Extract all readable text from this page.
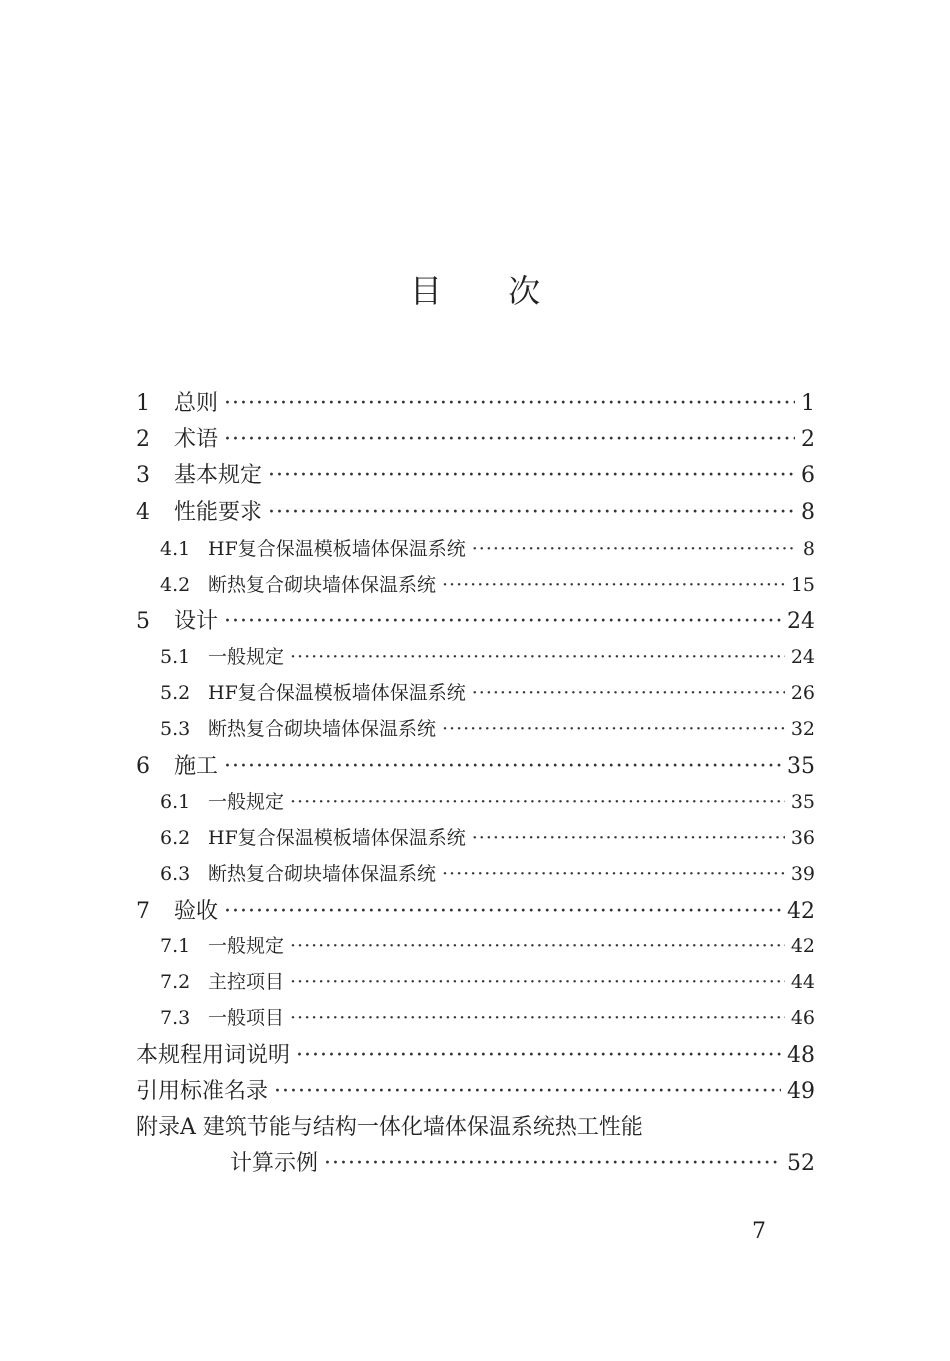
目 次
1	总则 ·····	1
2	术语 ·····	2
3	基本规定 ·····	6
4	性能要求 ·····	8
4.1 HF复合保温模板墙体保温系统 ·····	8
4.2 断热复合砌块墙体保温系统 ·····	15
5	设计 ·····	24
5.1 一般规定 ·····	24
5.2 HF复合保温模板墙体保温系统 ·····	26
5.3 断热复合砌块墙体保温系统 ·····	32
6	施工 ·····	35
6.1 一般规定 ·····	35
6.2 HF复合保温模板墙体保温系统 ·····	36
6.3 断热复合砌块墙体保温系统 ·····	39
7	验收 ·····	42
7.1 一般规定 ·····	42
7.2 主控项目 ·····	44
7.3 一般项目 ·····	46
本规程用词说明 ·····	48
引用标准名录 ·····	49
附录A 建筑节能与结构一体化墙体保温系统热工性能
计算示例 ·····	52
7
